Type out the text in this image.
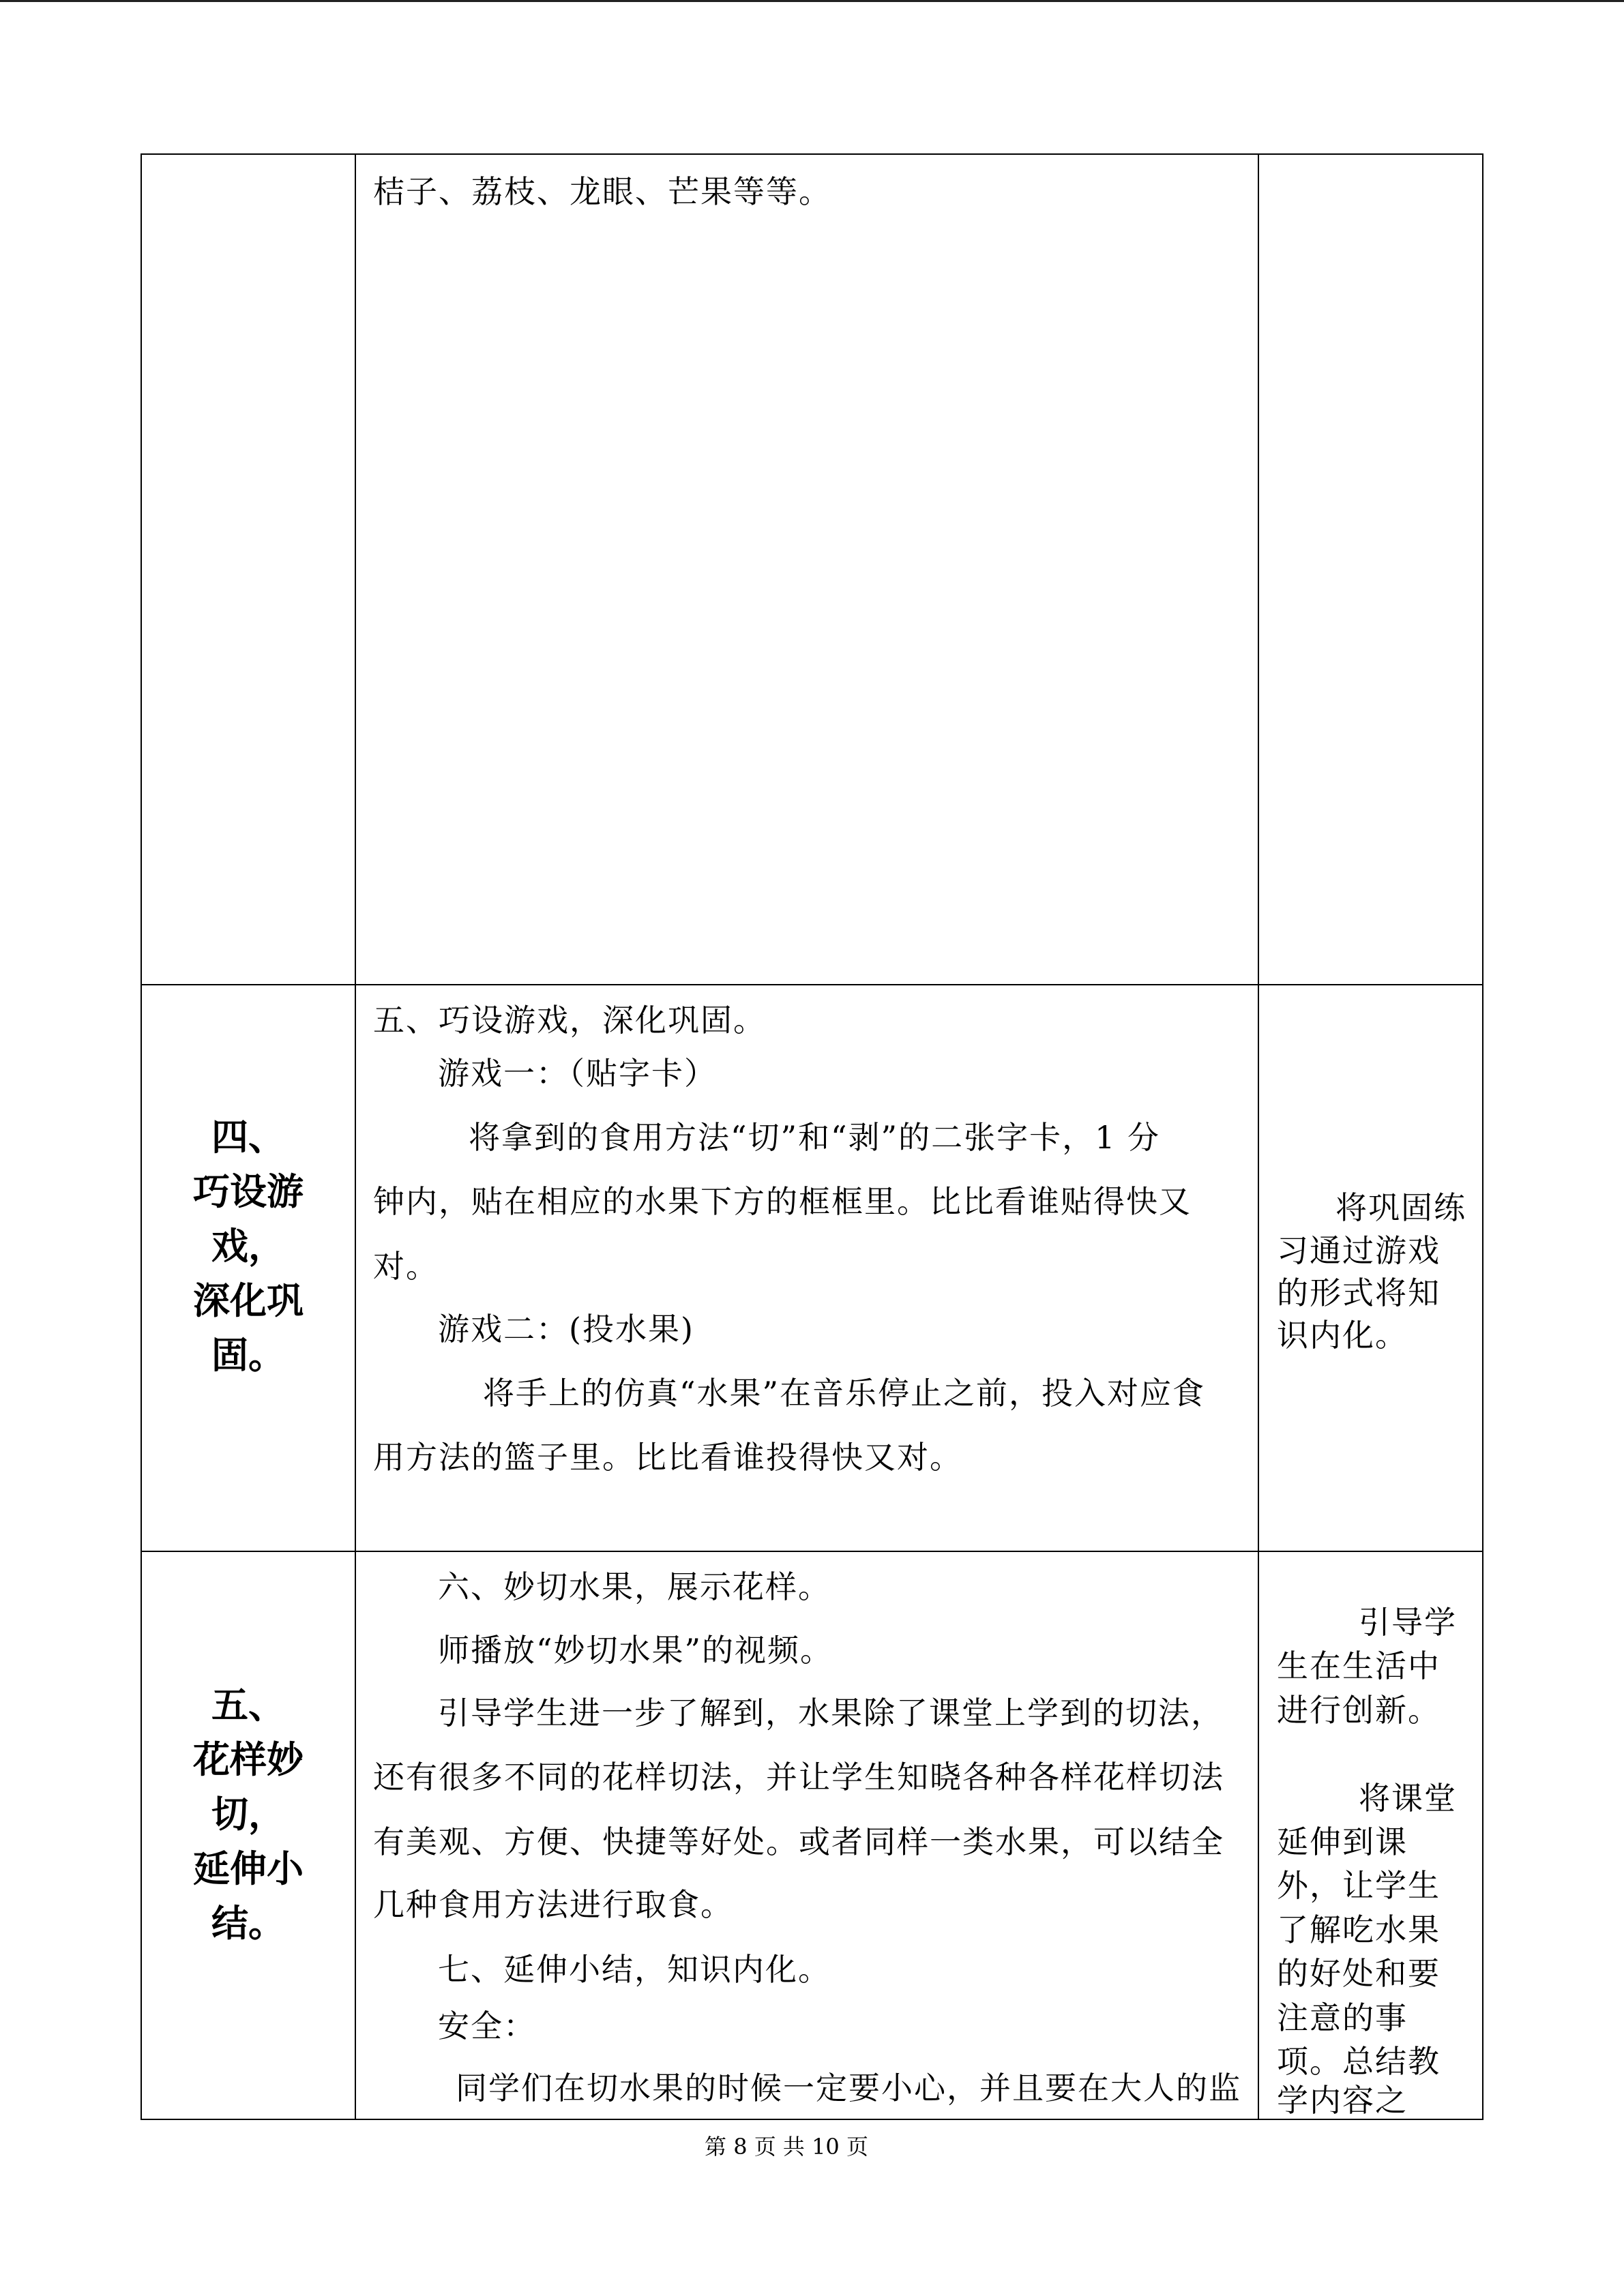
桔子、荔枝、龙眼、芒果等等。
四、
巧设游
戏，
深化巩
固。
五、巧设游戏，深化巩固。
游戏一：（贴字卡）
将拿到的食用方法“切”和“剥”的二张字卡，1 分
钟内，贴在相应的水果下方的框框里。比比看谁贴得快又
对。
游戏二：(投水果)
将手上的仿真“水果”在音乐停止之前，投入对应食
用方法的篮子里。比比看谁投得快又对。
将巩固练
习通过游戏
的形式将知
识内化。
五、
花样妙
切，
延伸小
结。
六、妙切水果，展示花样。
师播放“妙切水果”的视频。
引导学生进一步了解到，水果除了课堂上学到的切法，
还有很多不同的花样切法，并让学生知晓各种各样花样切法
有美观、方便、快捷等好处。或者同样一类水果，可以结全
几种食用方法进行取食。
七、延伸小结，知识内化。
安全：
同学们在切水果的时候一定要小心，并且要在大人的监
引导学
生在生活中
进行创新。
将课堂
延伸到课
外，让学生
了解吃水果
的好处和要
注意的事
项。总结教
学内容之
第 8 页 共 10 页
